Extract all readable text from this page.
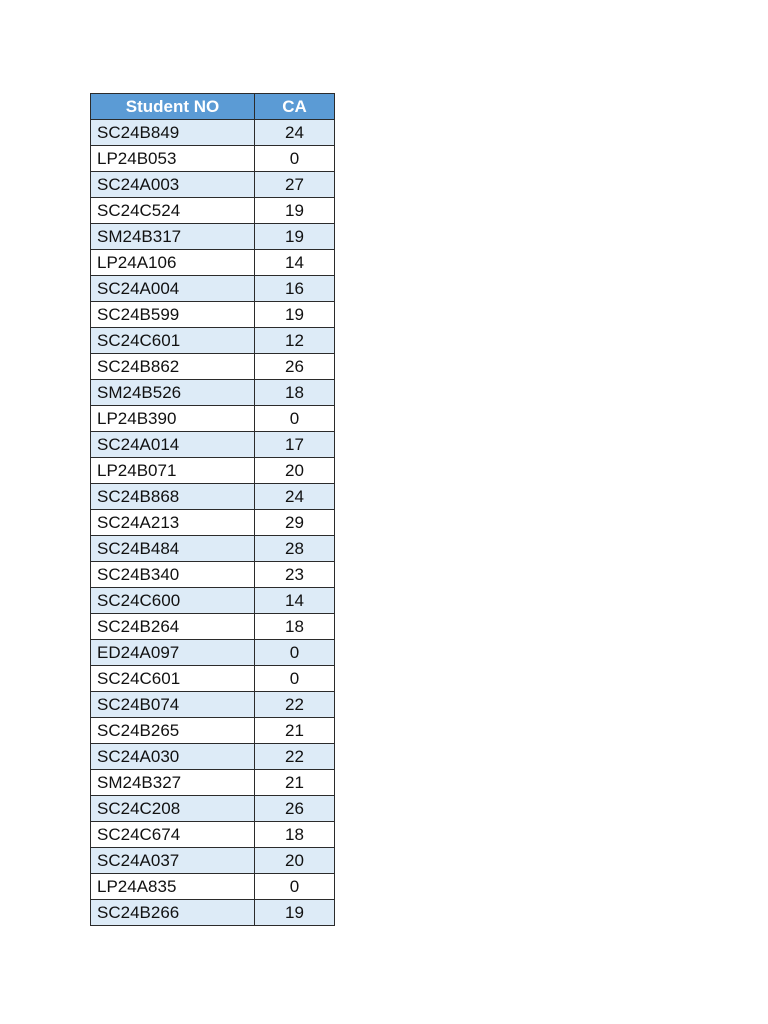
Student NO	CA
SC24B849	24
LP24B053	0
SC24A003	27
SC24C524	19
SM24B317	19
LP24A106	14
SC24A004	16
SC24B599	19
SC24C601	12
SC24B862	26
SM24B526	18
LP24B390	0
SC24A014	17
LP24B071	20
SC24B868	24
SC24A213	29
SC24B484	28
SC24B340	23
SC24C600	14
SC24B264	18
ED24A097	0
SC24C601	0
SC24B074	22
SC24B265	21
SC24A030	22
SM24B327	21
SC24C208	26
SC24C674	18
SC24A037	20
LP24A835	0
SC24B266	19
